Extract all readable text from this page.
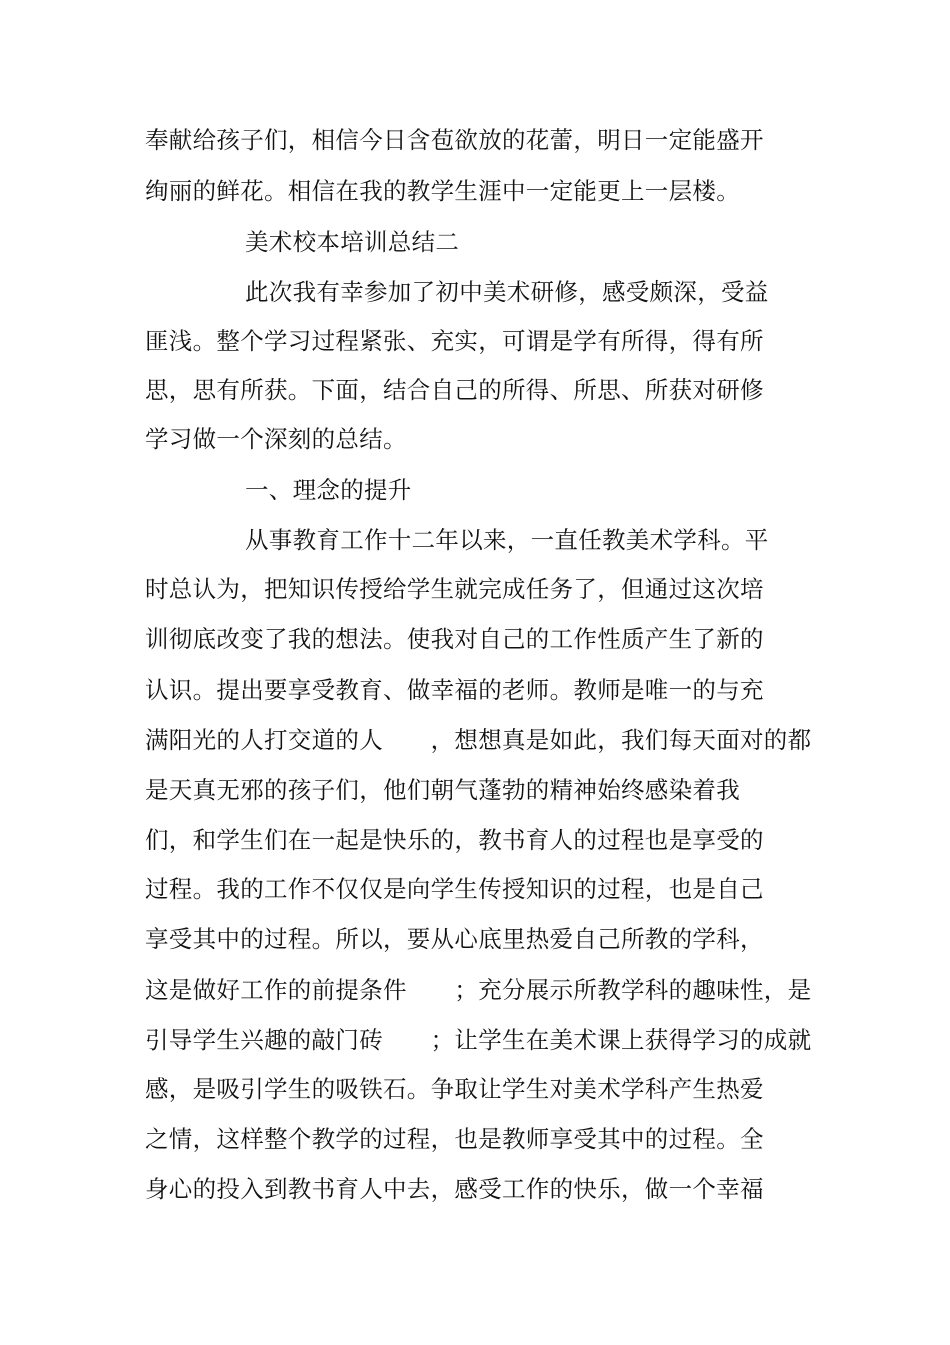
奉献给孩子们，相信今日含苞欲放的花蕾，明日一定能盛开
绚丽的鲜花。相信在我的教学生涯中一定能更上一层楼。
美术校本培训总结二
此次我有幸参加了初中美术研修，感受颇深，受益
匪浅。整个学习过程紧张、充实，可谓是学有所得，得有所
思，思有所获。下面，结合自己的所得、所思、所获对研修
学习做一个深刻的总结。
一、理念的提升
从事教育工作十二年以来，一直任教美术学科。平
时总认为，把知识传授给学生就完成任务了，但通过这次培
训彻底改变了我的想法。使我对自己的工作性质产生了新的
认识。提出要享受教育、做幸福的老师。教师是唯一的与充
满阳光的人打交道的人　　，想想真是如此，我们每天面对的都
是天真无邪的孩子们，他们朝气蓬勃的精神始终感染着我
们，和学生们在一起是快乐的，教书育人的过程也是享受的
过程。我的工作不仅仅是向学生传授知识的过程，也是自己
享受其中的过程。所以，要从心底里热爱自己所教的学科，
这是做好工作的前提条件　　；充分展示所教学科的趣味性，是
引导学生兴趣的敲门砖　　；让学生在美术课上获得学习的成就
感，是吸引学生的吸铁石。争取让学生对美术学科产生热爱
之情，这样整个教学的过程，也是教师享受其中的过程。全
身心的投入到教书育人中去，感受工作的快乐，做一个幸福
